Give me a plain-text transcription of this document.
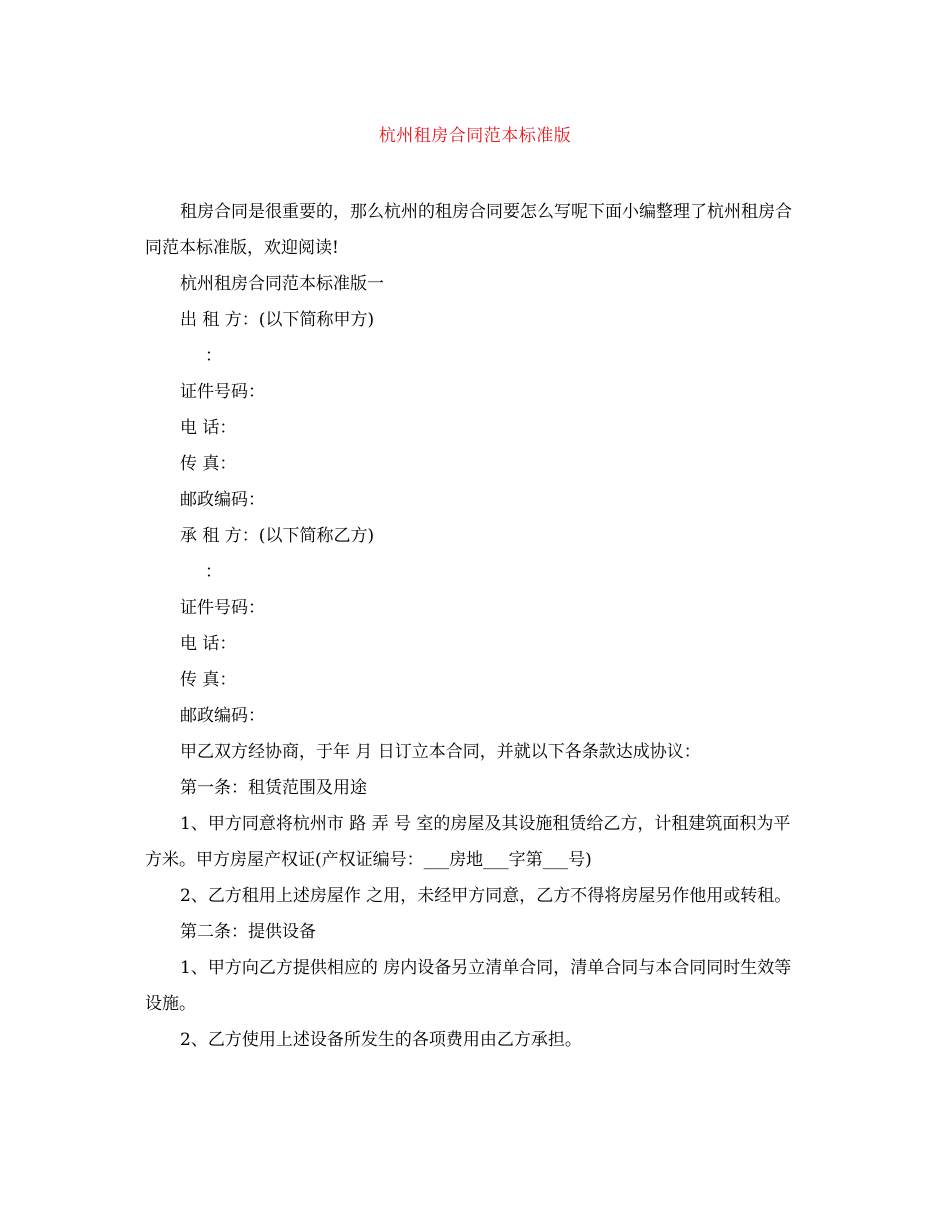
杭州租房合同范本标准版

租房合同是很重要的，那么杭州的租房合同要怎么写呢下面小编整理了杭州租房合同范本标准版，欢迎阅读!

杭州租房合同范本标准版一

出 租 方：(以下简称甲方)

：

证件号码：

电 话：

传 真：

邮政编码：

承 租 方：(以下简称乙方)

：

证件号码：

电 话：

传 真：

邮政编码：

甲乙双方经协商，于年 月 日订立本合同，并就以下各条款达成协议：

第一条：租赁范围及用途

1、甲方同意将杭州市 路 弄 号 室的房屋及其设施租赁给乙方，计租建筑面积为平方米。甲方房屋产权证(产权证编号：___房地___字第___号)

2、乙方租用上述房屋作 之用，未经甲方同意，乙方不得将房屋另作他用或转租。

第二条：提供设备

1、甲方向乙方提供相应的 房内设备另立清单合同，清单合同与本合同同时生效等设施。

2、乙方使用上述设备所发生的各项费用由乙方承担。
